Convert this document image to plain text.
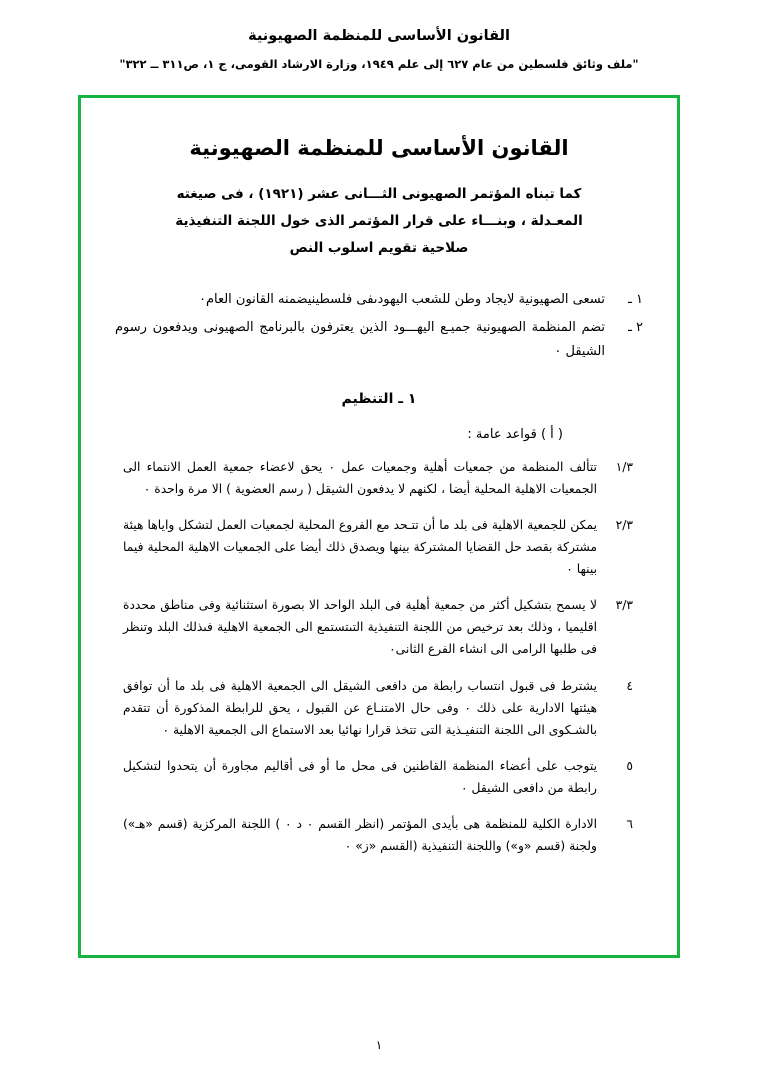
القانون الأساسى للمنظمة الصهيونية
"ملف وثائق فلسطين من عام ٦٢٧ إلى علم ١٩٤٩، وزارة الارشاد القومى، ج ١، ص٣١١ ــ ٣٢٢"
القانون الأساسى للمنظمة الصهيونية
كما تبناه المؤتمر الصهيونى الثـــانى عشر (١٩٢١) ، فى صيغته
المعـدلة ، وبنـــاء على قرار المؤتمر الذى خول اللجنة التنفيذية
صلاحية تقويم اسلوب النص
١ ـ
تسعى الصهيونية لايجاد وطن للشعب اليهودىفى فلسطينيضمنه القانون العام٠
٢ ـ
تضم المنظمة الصهيونية جميـع اليهـــود الذين يعترفون بالبرنامج الصهيونى ويدفعون رسوم الشيقل ٠
١ ـ التنظيم
( أ ) قواعد عامة :
١/٣
تتألف المنظمة من جمعيات أهلية وجمعيات عمل ٠ يحق لاعضاء جمعية العمل الانتماء الى الجمعيات الاهلية المحلية أيضا ، لكنهم لا يدفعون الشيقل ( رسم العضوية ) الا مرة واحدة ٠
٢/٣
يمكن للجمعية الاهلية فى بلد ما أن تتـحد مع الفروع المحلية لجمعيات العمل لتشكل واياها هيئة مشتركة بقصد حل القضايا المشتركة بينها ويصدق ذلك أيضا على الجمعيات الاهلية المحلية فيما بينها ٠
٣/٣
لا يسمح بتشكيل أكثر من جمعية أهلية فى البلد الواحد الا بصورة استثنائية وفى مناطق محددة اقليميا ، وذلك بعد ترخيص من اللجنة التنفيذية التىتستمع الى الجمعية الاهلية فىذلك البلد وتنظر فى طلبها الرامى الى انشاء الفرع الثانى٠
٤
يشترط فى قبول انتساب رابطة من دافعى الشيقل الى الجمعية الاهلية فى بلد ما أن توافق هيئتها الادارية على ذلك ٠ وفى حال الامتنـاع عن القبول ، يحق للرابطة المذكورة أن تتقدم بالشـكوى الى اللجنة التنفيـذية التى تتخذ قرارا نهائيا بعد الاستماع الى الجمعية الاهلية ٠
٥
يتوجب على أعضاء المنظمة القاطنين فى محل ما أو فى أقاليم مجاورة أن يتحدوا لتشكيل رابطة من دافعى الشيقل ٠
٦
الادارة الكلية للمنظمة هى بأيدى المؤتمر (انظر القسم ٠ د ٠ ) اللجنة المركزية (قسم «هـ») ولجنة (قسم «و») واللجنة التنفيذية (القسم «ز» ٠
١
